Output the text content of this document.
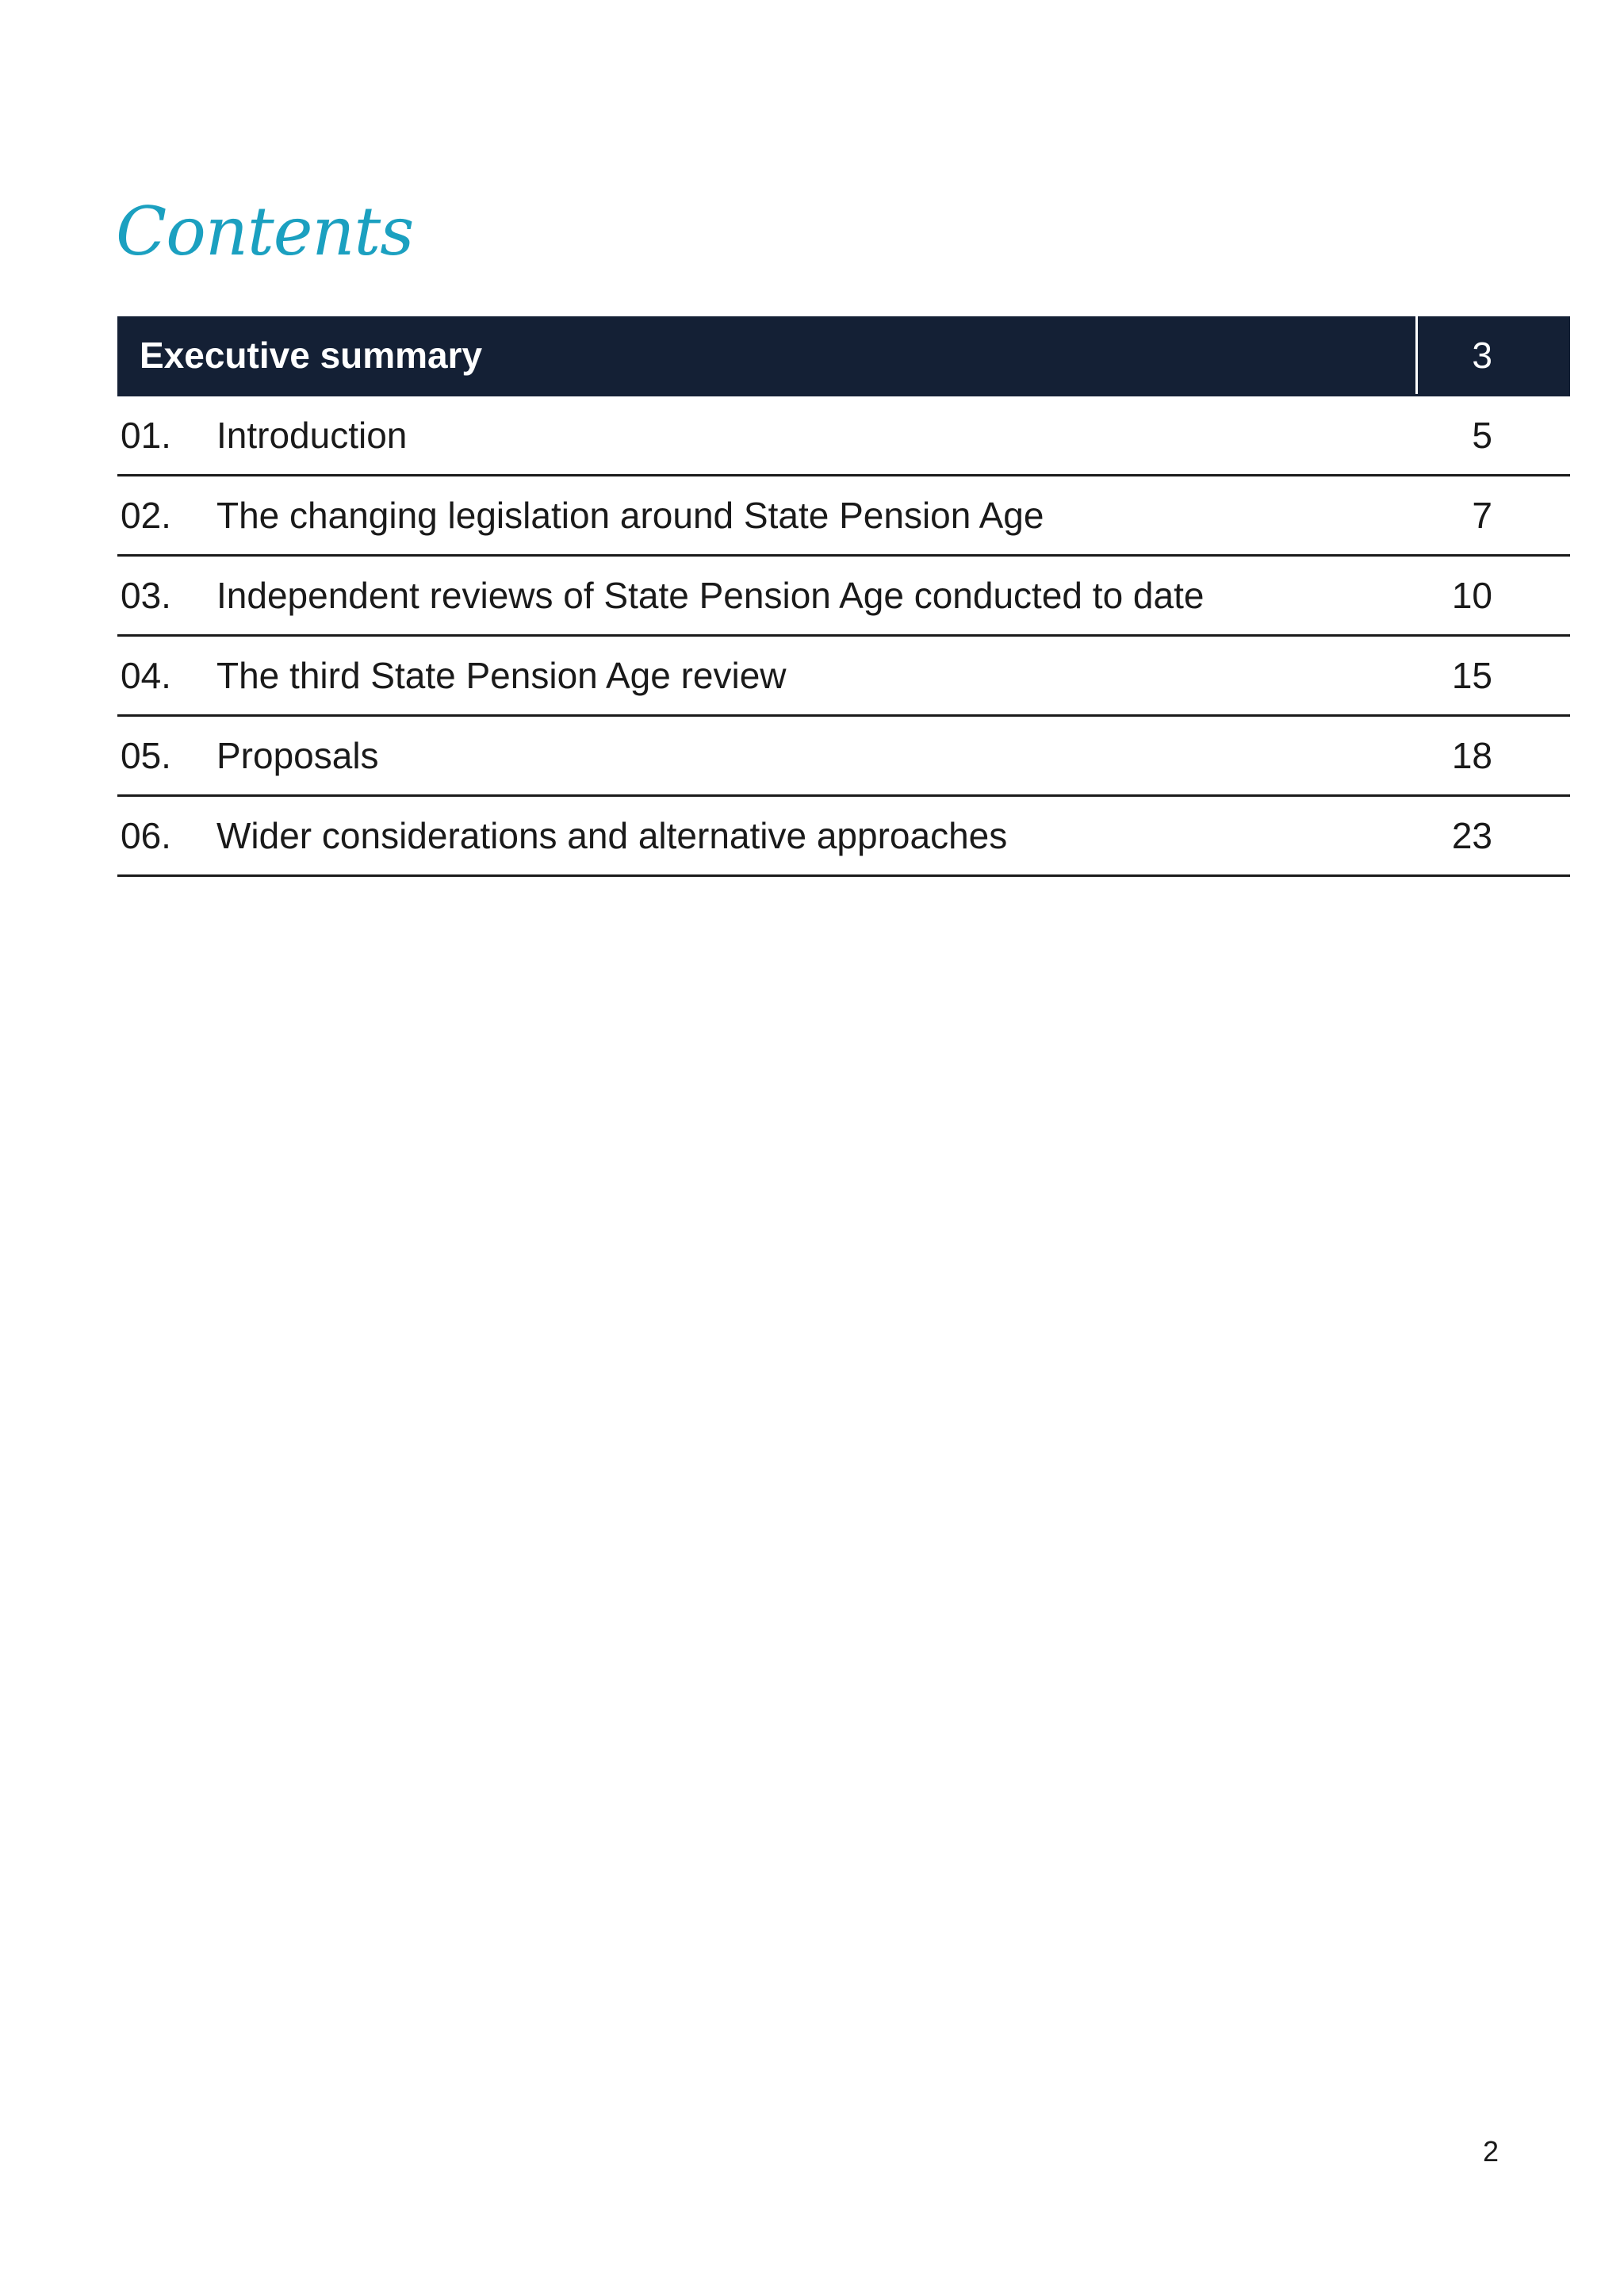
Contents
Executive summary	3
01.	Introduction	5
02.	The changing legislation around State Pension Age	7
03.	Independent reviews of State Pension Age conducted to date	10
04.	The third State Pension Age review	15
05.	Proposals	18
06.	Wider considerations and alternative approaches	23
2
